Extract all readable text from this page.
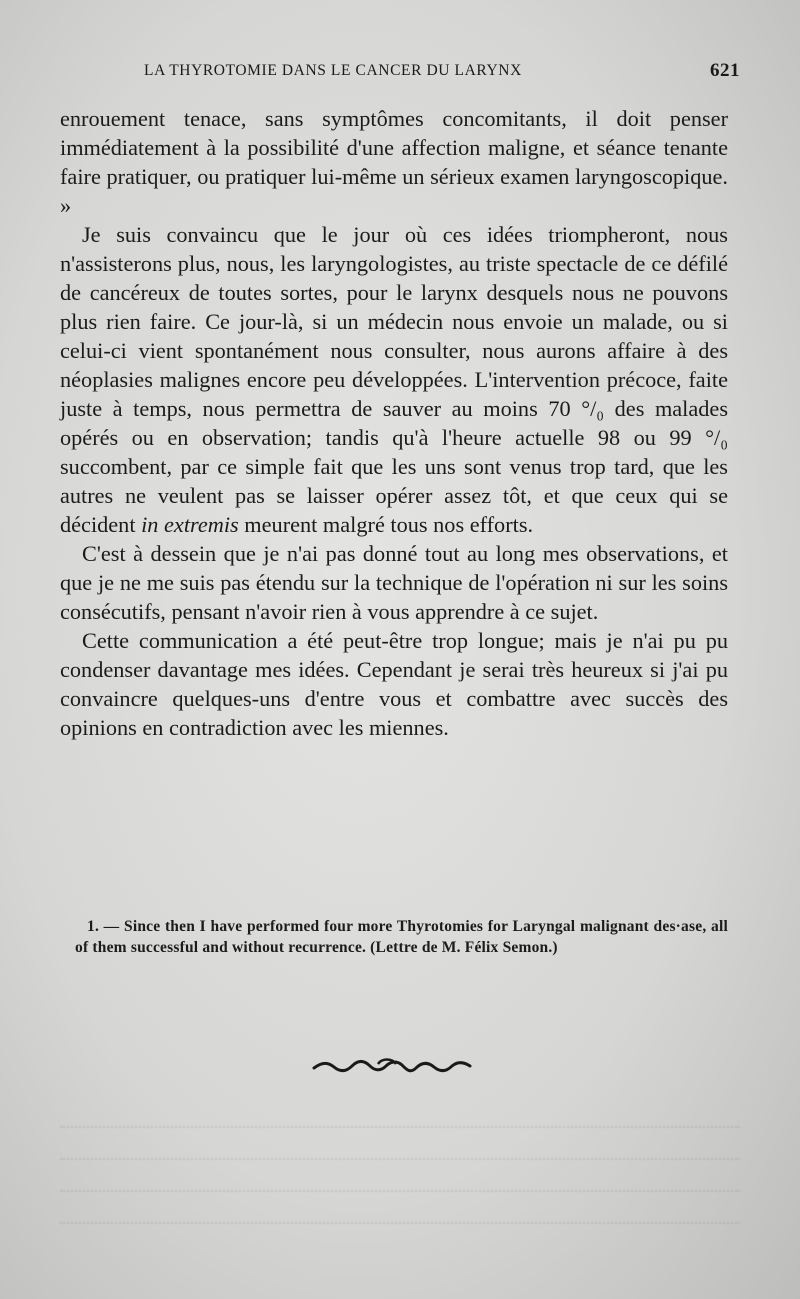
LA THYROTOMIE DANS LE CANCER DU LARYNX	621

enrouement tenace, sans symptômes concomitants, il doit penser immédiatement à la possibilité d'une affection maligne, et séance tenante faire pratiquer, ou pratiquer lui-même un sérieux examen laryngoscopique. »

Je suis convaincu que le jour où ces idées triompheront, nous n'assisterons plus, nous, les laryngologistes, au triste spectacle de ce défilé de cancéreux de toutes sortes, pour le larynx desquels nous ne pouvons plus rien faire. Ce jour-là, si un médecin nous envoie un malade, ou si celui-ci vient spontanément nous consulter, nous aurons affaire à des néoplasies malignes encore peu développées. L'intervention précoce, faite juste à temps, nous permettra de sauver au moins 70 °/₀ des malades opérés ou en observation; tandis qu'à l'heure actuelle 98 ou 99 °/₀ succombent, par ce simple fait que les uns sont venus trop tard, que les autres ne veulent pas se laisser opérer assez tôt, et que ceux qui se décident in extremis meurent malgré tous nos efforts.

C'est à dessein que je n'ai pas donné tout au long mes observations, et que je ne me suis pas étendu sur la technique de l'opération ni sur les soins consécutifs, pensant n'avoir rien à vous apprendre à ce sujet.

Cette communication a été peut-être trop longue; mais je n'ai pu pu condenser davantage mes idées. Cependant je serai très heureux si j'ai pu convaincre quelques-uns d'entre vous et combattre avec succès des opinions en contradiction avec les miennes.

1. — Since then I have performed four more Thyrotomies for Laryngal malignant des·ase, all of them successful and without recurrence. (Lettre de M. Félix Semon.)
